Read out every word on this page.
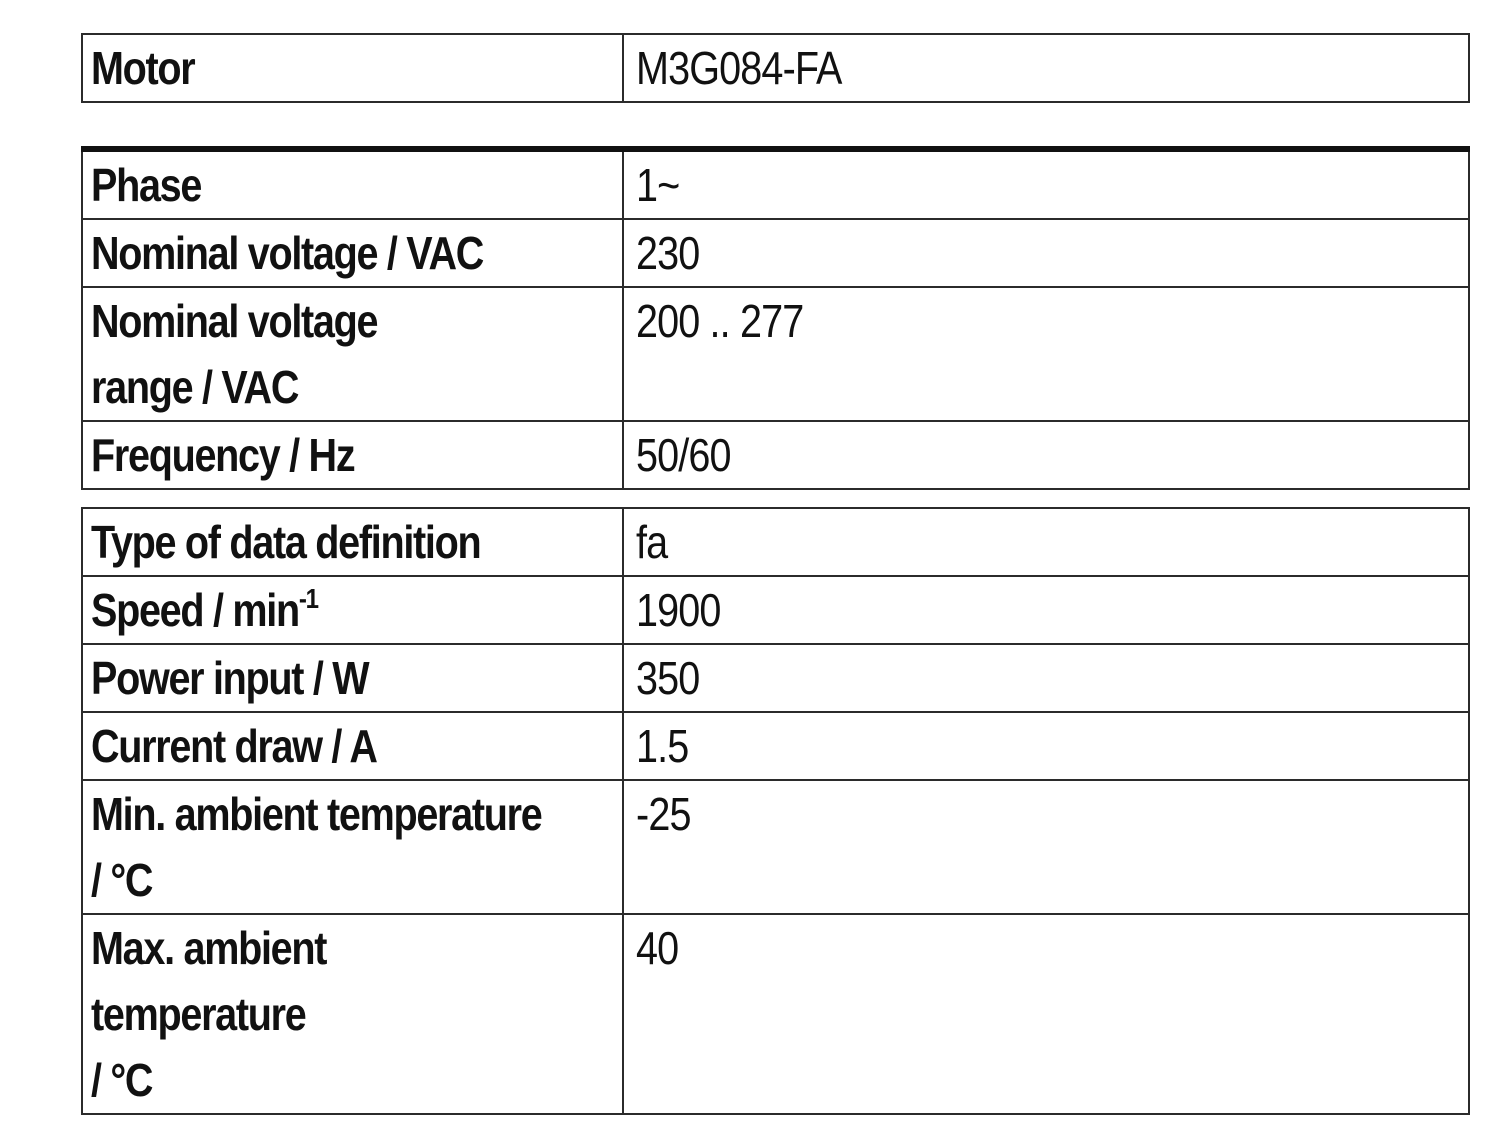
Motor	M3G084-FA
Phase	1~
Nominal voltage / VAC	230
Nominal voltage
range / VAC	200 .. 277
Frequency / Hz	50/60
Type of data definition	fa
Speed / $\min^{-1}$	1900
Power input / W	350
Current draw / A	1.5
Min. ambient temperature
/ °C	-25
Max. ambient
temperature
/ °C	40
